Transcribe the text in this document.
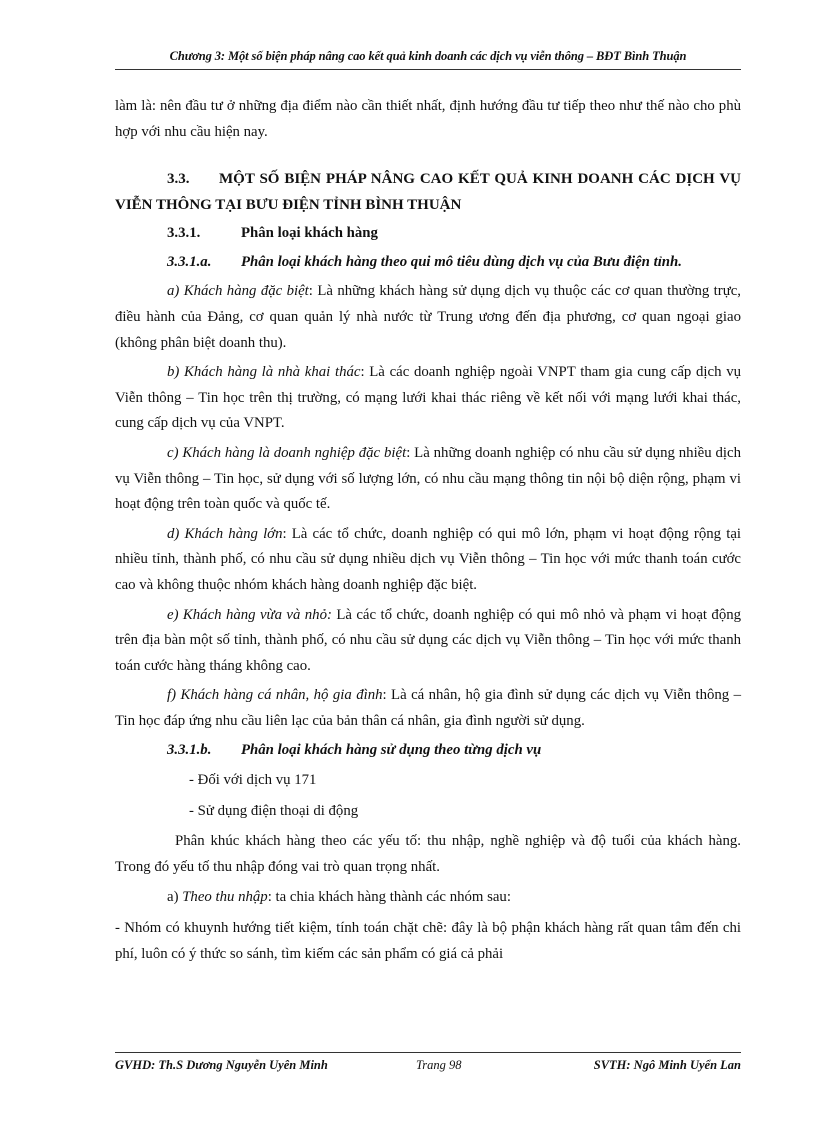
Chương 3: Một số biện pháp nâng cao kết quả kinh doanh các dịch vụ viễn thông – BĐT Bình Thuận

làm là: nên đầu tư ở những địa điểm nào cần thiết nhất, định hướng đầu tư tiếp theo như thế nào cho phù hợp với nhu cầu hiện nay.

3.3. MỘT SỐ BIỆN PHÁP NÂNG CAO KẾT QUẢ KINH DOANH CÁC DỊCH VỤ VIỄN THÔNG TẠI BƯU ĐIỆN TỈNH BÌNH THUẬN

3.3.1.	Phân loại khách hàng

3.3.1.a. Phân loại khách hàng theo qui mô tiêu dùng dịch vụ của Bưu điện tỉnh.

a) Khách hàng đặc biệt: Là những khách hàng sử dụng dịch vụ thuộc các cơ quan thường trực, điều hành của Đảng, cơ quan quản lý nhà nước từ Trung ương đến địa phương, cơ quan ngoại giao (không phân biệt doanh thu).

b) Khách hàng là nhà khai thác: Là các doanh nghiệp ngoài VNPT tham gia cung cấp dịch vụ Viễn thông – Tin học trên thị trường, có mạng lưới khai thác riêng về kết nối với mạng lưới khai thác, cung cấp dịch vụ của VNPT.

c) Khách hàng là doanh nghiệp đặc biệt: Là những doanh nghiệp có nhu cầu sử dụng nhiều dịch vụ Viễn thông – Tin học, sử dụng với số lượng lớn, có nhu cầu mạng thông tin nội bộ diện rộng, phạm vi hoạt động trên toàn quốc và quốc tế.

d) Khách hàng lớn: Là các tổ chức, doanh nghiệp có qui mô lớn, phạm vi hoạt động rộng tại nhiều tỉnh, thành phố, có nhu cầu sử dụng nhiều dịch vụ Viễn thông – Tin học với mức thanh toán cước cao và không thuộc nhóm khách hàng doanh nghiệp đặc biệt.

e) Khách hàng vừa và nhỏ: Là các tổ chức, doanh nghiệp có qui mô nhỏ và phạm vi hoạt động trên địa bàn một số tỉnh, thành phố, có nhu cầu sử dụng các dịch vụ Viễn thông – Tin học với mức thanh toán cước hàng tháng không cao.

f) Khách hàng cá nhân, hộ gia đình: Là cá nhân, hộ gia đình sử dụng các dịch vụ Viễn thông – Tin học đáp ứng nhu cầu liên lạc của bản thân cá nhân, gia đình người sử dụng.

3.3.1.b. Phân loại khách hàng sử dụng theo từng dịch vụ

- Đối với dịch vụ 171

- Sử dụng điện thoại di động

Phân khúc khách hàng theo các yếu tố: thu nhập, nghề nghiệp và độ tuổi của khách hàng. Trong đó yếu tố thu nhập đóng vai trò quan trọng nhất.

a) Theo thu nhập: ta chia khách hàng thành các nhóm sau:

- Nhóm có khuynh hướng tiết kiệm, tính toán chặt chẽ: đây là bộ phận khách hàng rất quan tâm đến chi phí, luôn có ý thức so sánh, tìm kiếm các sản phẩm có giá cả phải

GVHD: Th.S Dương Nguyễn Uyên Minh	Trang 98	SVTH: Ngô Minh Uyển Lan
